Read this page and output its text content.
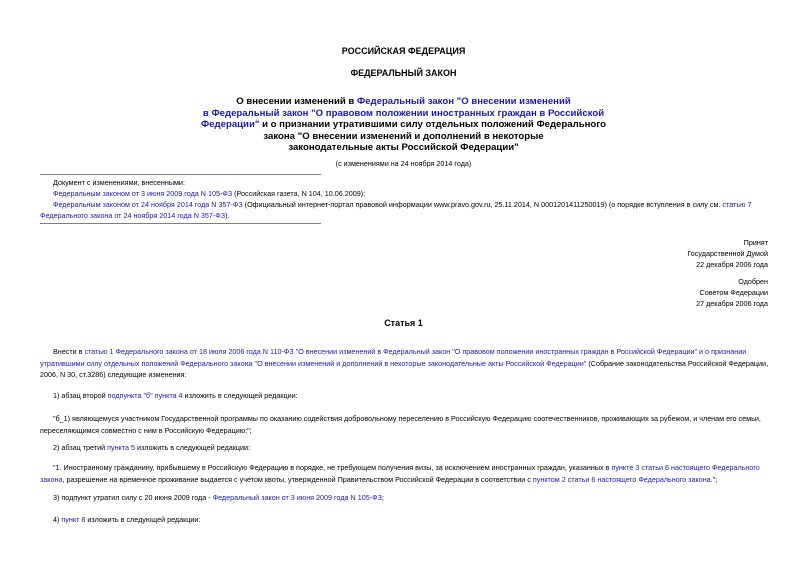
РОССИЙСКАЯ ФЕДЕРАЦИЯ
ФЕДЕРАЛЬНЫЙ ЗАКОН
О внесении изменений в Федеральный закон "О внесении изменений
в Федеральный закон "О правовом положении иностранных граждан в Российской
Федерации" и о признании утратившими силу отдельных положений Федерального
закона "О внесении изменений и дополнений в некоторые
законодательные акты Российской Федерации"
(с изменениями на 24 ноября 2014 года)
Документ с изменениями, внесенными:
Федеральным законом от 3 июня 2009 года N 105-ФЗ (Российская газета, N 104, 10.06.2009);
Федеральным законом от 24 ноября 2014 года N 357-ФЗ (Официальный интернет-портал правовой информации www.pravo.gov.ru, 25.11.2014, N 0001201411250019) (о порядке вступления в силу см. статью 7 Федерального закона от 24 ноября 2014 года N 357-ФЗ).
Принят
Государственной Думой
22 декабря 2006 года
Одобрен
Советом Федерации
27 декабря 2006 года
Статья 1
Внести в статью 1 Федерального закона от 18 июля 2006 года N 110-ФЗ "О внесении изменений в Федеральный закон "О правовом положении иностранных граждан в Российской Федерации" и о признании
утратившими силу отдельных положений Федерального закона "О внесении изменений и дополнений в некоторые законодательные акты Российской Федерации" (Собрание законодательства Российской Федерации,
2006, N 30, ст.3286) следующие изменения:
1) абзац второй подпункта "б" пункта 4 изложить в следующей редакции:
"б_1) являющемуся участником Государственной программы по оказанию содействия добровольному переселению в Российскую Федерацию соотечественников, проживающих за рубежом, и членам его семьи,
переселяющимся совместно с ним в Российскую Федерацию;";
2) абзац третий пункта 5 изложить в следующей редакции:
"1. Иностранному гражданину, прибывшему в Российскую Федерацию в порядке, не требующем получения визы, за исключением иностранных граждан, указанных в пункте 3 статьи 6 настоящего Федерального
закона, разрешение на временное проживание выдается с учетом квоты, утвержденной Правительством Российской Федерации в соответствии с пунктом 2 статьи 6 настоящего Федерального закона.";
3) подпункт утратил силу с 20 июня 2009 года - Федеральный закон от 3 июня 2009 года N 105-ФЗ;
4) пункт 8 изложить в следующей редакции:
